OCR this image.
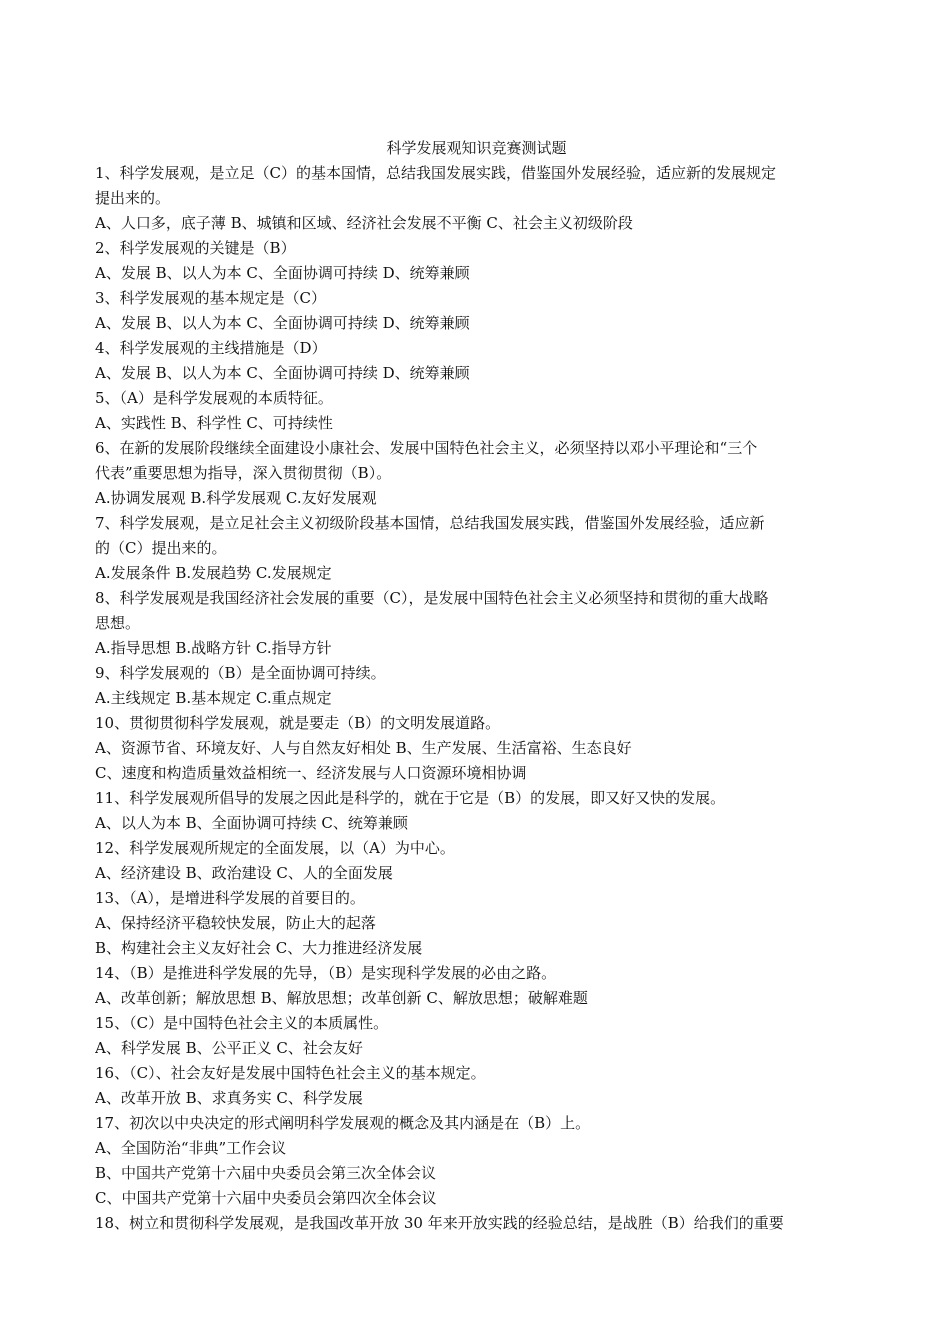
科学发展观知识竞赛测试题
1、科学发展观，是立足（C）的基本国情，总结我国发展实践，借鉴国外发展经验，适应新的发展规定
提出来的。
A、人口多，底子薄 B、城镇和区域、经济社会发展不平衡 C、社会主义初级阶段
2、科学发展观的关键是（B）
A、发展 B、以人为本 C、全面协调可持续 D、统筹兼顾
3、科学发展观的基本规定是（C）
A、发展 B、以人为本 C、全面协调可持续 D、统筹兼顾
4、科学发展观的主线措施是（D）
A、发展 B、以人为本 C、全面协调可持续 D、统筹兼顾
5、（A）是科学发展观的本质特征。
A、实践性 B、科学性 C、可持续性
6、在新的发展阶段继续全面建设小康社会、发展中国特色社会主义，必须坚持以邓小平理论和“三个
代表”重要思想为指导，深入贯彻贯彻（B）。
A.协调发展观 B.科学发展观 C.友好发展观
7、科学发展观，是立足社会主义初级阶段基本国情，总结我国发展实践，借鉴国外发展经验，适应新
的（C）提出来的。
A.发展条件 B.发展趋势 C.发展规定
8、科学发展观是我国经济社会发展的重要（C），是发展中国特色社会主义必须坚持和贯彻的重大战略
思想。
A.指导思想 B.战略方针 C.指导方针
9、科学发展观的（B）是全面协调可持续。
A.主线规定 B.基本规定 C.重点规定
10、贯彻贯彻科学发展观，就是要走（B）的文明发展道路。
A、资源节省、环境友好、人与自然友好相处 B、生产发展、生活富裕、生态良好
C、速度和构造质量效益相统一、经济发展与人口资源环境相协调
11、科学发展观所倡导的发展之因此是科学的，就在于它是（B）的发展，即又好又快的发展。
A、以人为本 B、全面协调可持续 C、统筹兼顾
12、科学发展观所规定的全面发展，以（A）为中心。
A、经济建设 B、政治建设 C、人的全面发展
13、（A），是增进科学发展的首要目的。
A、保持经济平稳较快发展，防止大的起落
B、构建社会主义友好社会 C、大力推进经济发展
14、（B）是推进科学发展的先导，（B）是实现科学发展的必由之路。
A、改革创新；解放思想 B、解放思想；改革创新 C、解放思想；破解难题
15、（C）是中国特色社会主义的本质属性。
A、科学发展 B、公平正义 C、社会友好
16、（C）、社会友好是发展中国特色社会主义的基本规定。
A、改革开放 B、求真务实 C、科学发展
17、初次以中央决定的形式阐明科学发展观的概念及其内涵是在（B）上。
A、全国防治“非典”工作会议
B、中国共产党第十六届中央委员会第三次全体会议
C、中国共产党第十六届中央委员会第四次全体会议
18、树立和贯彻科学发展观，是我国改革开放 30 年来开放实践的经验总结，是战胜（B）给我们的重要
